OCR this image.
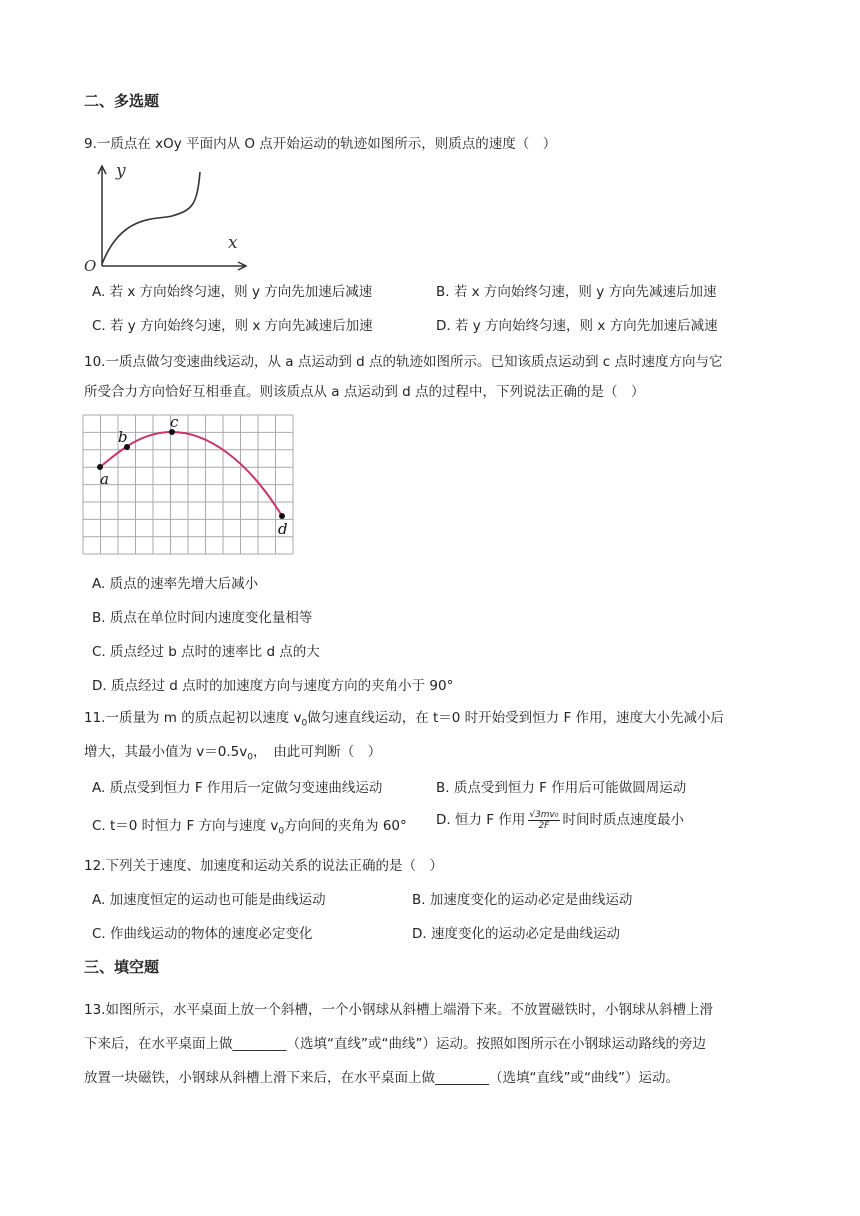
二、多选题
9.一质点在 xOy 平面内从 O 点开始运动的轨迹如图所示，则质点的速度（　）
y
x
O
A. 若 x 方向始终匀速，则 y 方向先加速后减速	B. 若 x 方向始终匀速，则 y 方向先减速后加速
C. 若 y 方向始终匀速，则 x 方向先减速后加速	D. 若 y 方向始终匀速，则 x 方向先加速后减速
10.一质点做匀变速曲线运动，从 a 点运动到 d 点的轨迹如图所示。已知该质点运动到 c 点时速度方向与它
所受合力方向恰好互相垂直。则该质点从 a 点运动到 d 点的过程中，下列说法正确的是（　）
a
b
c
d
A. 质点的速率先增大后减小
B. 质点在单位时间内速度变化量相等
C. 质点经过 b 点时的速率比 d 点的大
D. 质点经过 d 点时的加速度方向与速度方向的夹角小于 90°
11.一质量为 m 的质点起初以速度 $v_0$做匀速直线运动，在 t＝0 时开始受到恒力 F 作用，速度大小先减小后
增大，其最小值为 $v=0.5v_0$，　由此可判断（　）
A. 质点受到恒力 F 作用后一定做匀变速曲线运动	B. 质点受到恒力 F 作用后可能做圆周运动
C. t＝0 时恒力 F 方向与速度 $v_0$方向间的夹角为 60° D. 恒力 F 作用 $\frac{\text{√3mv₀}}{2F}$ 时间时质点速度最小
12.下列关于速度、加速度和运动关系的说法正确的是（　）
A. 加速度恒定的运动也可能是曲线运动	B. 加速度变化的运动必定是曲线运动
C. 作曲线运动的物体的速度必定变化	D. 速度变化的运动必定是曲线运动
三、填空题
13.如图所示，水平桌面上放一个斜槽，一个小钢球从斜槽上端滑下来。不放置磁铁时，小钢球从斜槽上滑
下来后，在水平桌面上做________（选填“直线”或“曲线”）运动。按照如图所示在小钢球运动路线的旁边
放置一块磁铁，小钢球从斜槽上滑下来后，在水平桌面上做________（选填“直线”或“曲线”）运动。
